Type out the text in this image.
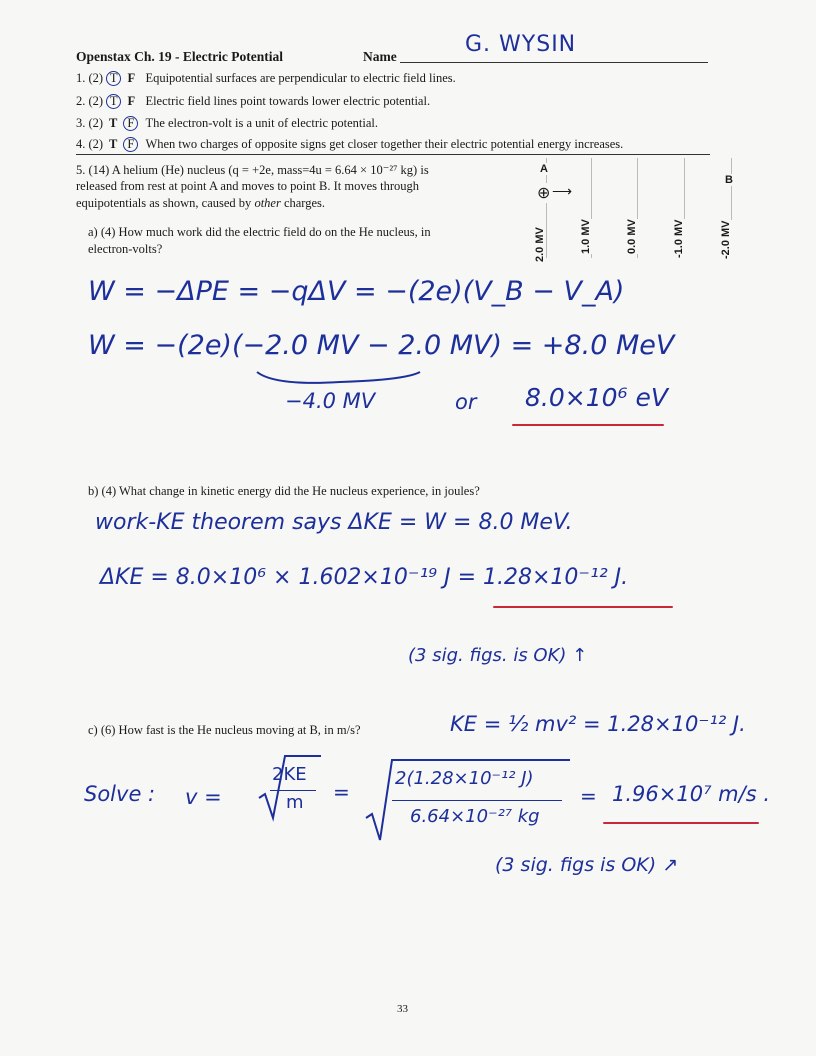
Openstax Ch. 19 - Electric Potential	Name	G. WYSIN
1. (2) T F Equipotential surfaces are perpendicular to electric field lines.
2. (2) T F Electric field lines point towards lower electric potential.
3. (2) T F The electron-volt is a unit of electric potential.
4. (2) T F When two charges of opposite signs get closer together their electric potential energy increases.
5. (14) A helium (He) nucleus (q = +2e, mass=4u = 6.64 × 10⁻²⁷ kg) is
released from rest at point A and moves to point B. It moves through
equipotentials as shown, caused by other charges.
a) (4) How much work did the electric field do on the He nucleus, in
electron-volts?
A
B
⊕ ⟶
2.0 MV	1.0 MV	0.0 MV	-1.0 MV	-2.0 MV
W = −ΔPE = −qΔV = −(2e)(V_B − V_A)
W = −(2e)(−2.0 MV − 2.0 MV) = +8.0 MeV
−4.0 MV	or 8.0×10⁶ eV
b) (4) What change in kinetic energy did the He nucleus experience, in joules?
work-KE theorem says ΔKE = W = 8.0 MeV.
ΔKE = 8.0×10⁶ × 1.602×10⁻¹⁹ J = 1.28×10⁻¹² J.
(3 sig. figs. is OK) ↑
c) (6) How fast is the He nucleus moving at B, in m/s?	KE = ½ mv² = 1.28×10⁻¹² J.
Solve : v =
2KE
m =
2(1.28×10⁻¹² J)
6.64×10⁻²⁷ kg
= 1.96×10⁷ m/s .
(3 sig. figs is OK) ↗
33
